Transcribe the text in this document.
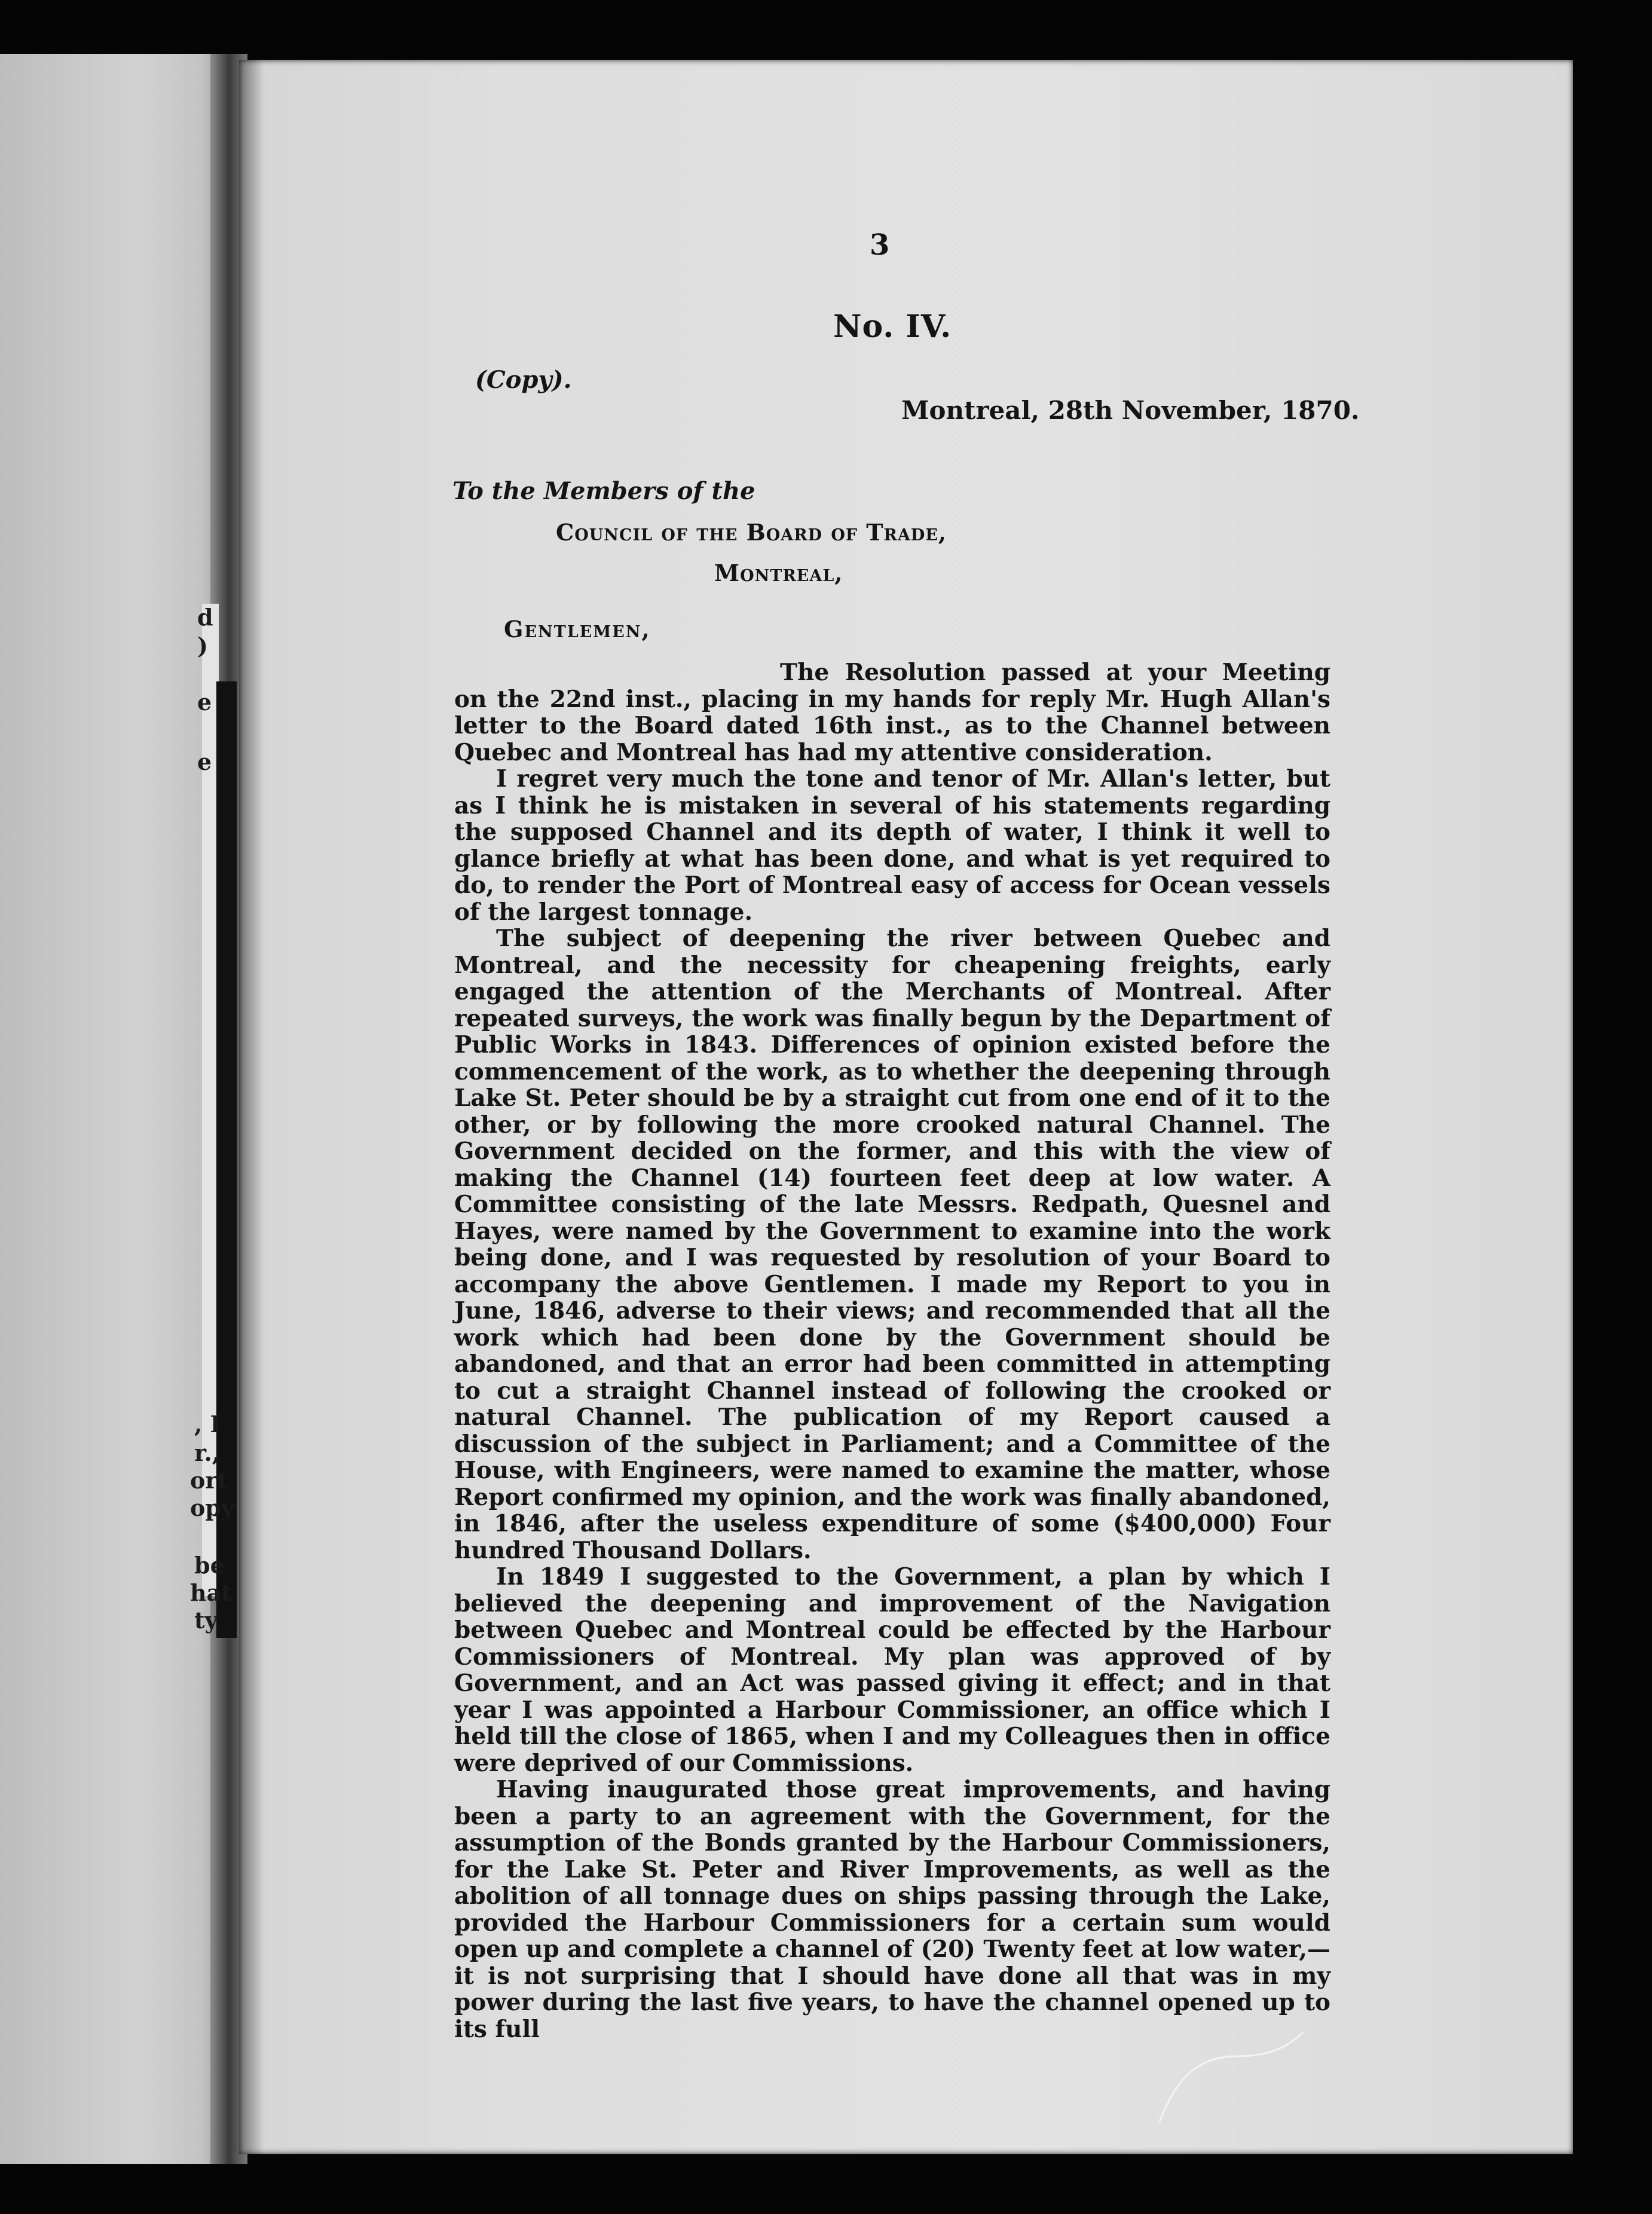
d
)
e
e
, I
r.,
ort
opy
be
hat
ty
3
No. IV.
(Copy).
Montreal, 28th November, 1870.
To the Members of the
Council of the Board of Trade,
Montreal,
Gentlemen,

The Resolution passed at your Meeting on the 22nd inst., placing in my hands for reply Mr. Hugh Allan's letter to the Board dated 16th inst., as to the Channel between Quebec and Montreal has had my attentive consideration.

I regret very much the tone and tenor of Mr. Allan's letter, but as I think he is mistaken in several of his statements regarding the supposed Channel and its depth of water, I think it well to glance briefly at what has been done, and what is yet required to do, to render the Port of Montreal easy of access for Ocean vessels of the largest tonnage.

The subject of deepening the river between Quebec and Montreal, and the necessity for cheapening freights, early engaged the attention of the Merchants of Montreal. After repeated surveys, the work was finally begun by the Department of Public Works in 1843. Differences of opinion existed before the commencement of the work, as to whether the deepening through Lake St. Peter should be by a straight cut from one end of it to the other, or by following the more crooked natural Channel. The Government decided on the former, and this with the view of making the Channel (14) fourteen feet deep at low water. A Committee consisting of the late Messrs. Redpath, Quesnel and Hayes, were named by the Government to examine into the work being done, and I was requested by resolution of your Board to accompany the above Gentlemen. I made my Report to you in June, 1846, adverse to their views; and recommended that all the work which had been done by the Government should be abandoned, and that an error had been committed in attempting to cut a straight Channel instead of following the crooked or natural Channel. The publication of my Report caused a discussion of the subject in Parliament; and a Committee of the House, with Engineers, were named to examine the matter, whose Report confirmed my opinion, and the work was finally abandoned, in 1846, after the useless expenditure of some ($400,000) Four hundred Thousand Dollars.

In 1849 I suggested to the Government, a plan by which I believed the deepening and improvement of the Navigation between Quebec and Montreal could be effected by the Harbour Commissioners of Montreal. My plan was approved of by Government, and an Act was passed giving it effect; and in that year I was appointed a Harbour Commissioner, an office which I held till the close of 1865, when I and my Colleagues then in office were deprived of our Commissions.

Having inaugurated those great improvements, and having been a party to an agreement with the Government, for the assumption of the Bonds granted by the Harbour Commissioners, for the Lake St. Peter and River Improvements, as well as the abolition of all tonnage dues on ships passing through the Lake, provided the Harbour Commissioners for a certain sum would open up and complete a channel of (20) Twenty feet at low water,—it is not surprising that I should have done all that was in my power during the last five years, to have the channel opened up to its full
